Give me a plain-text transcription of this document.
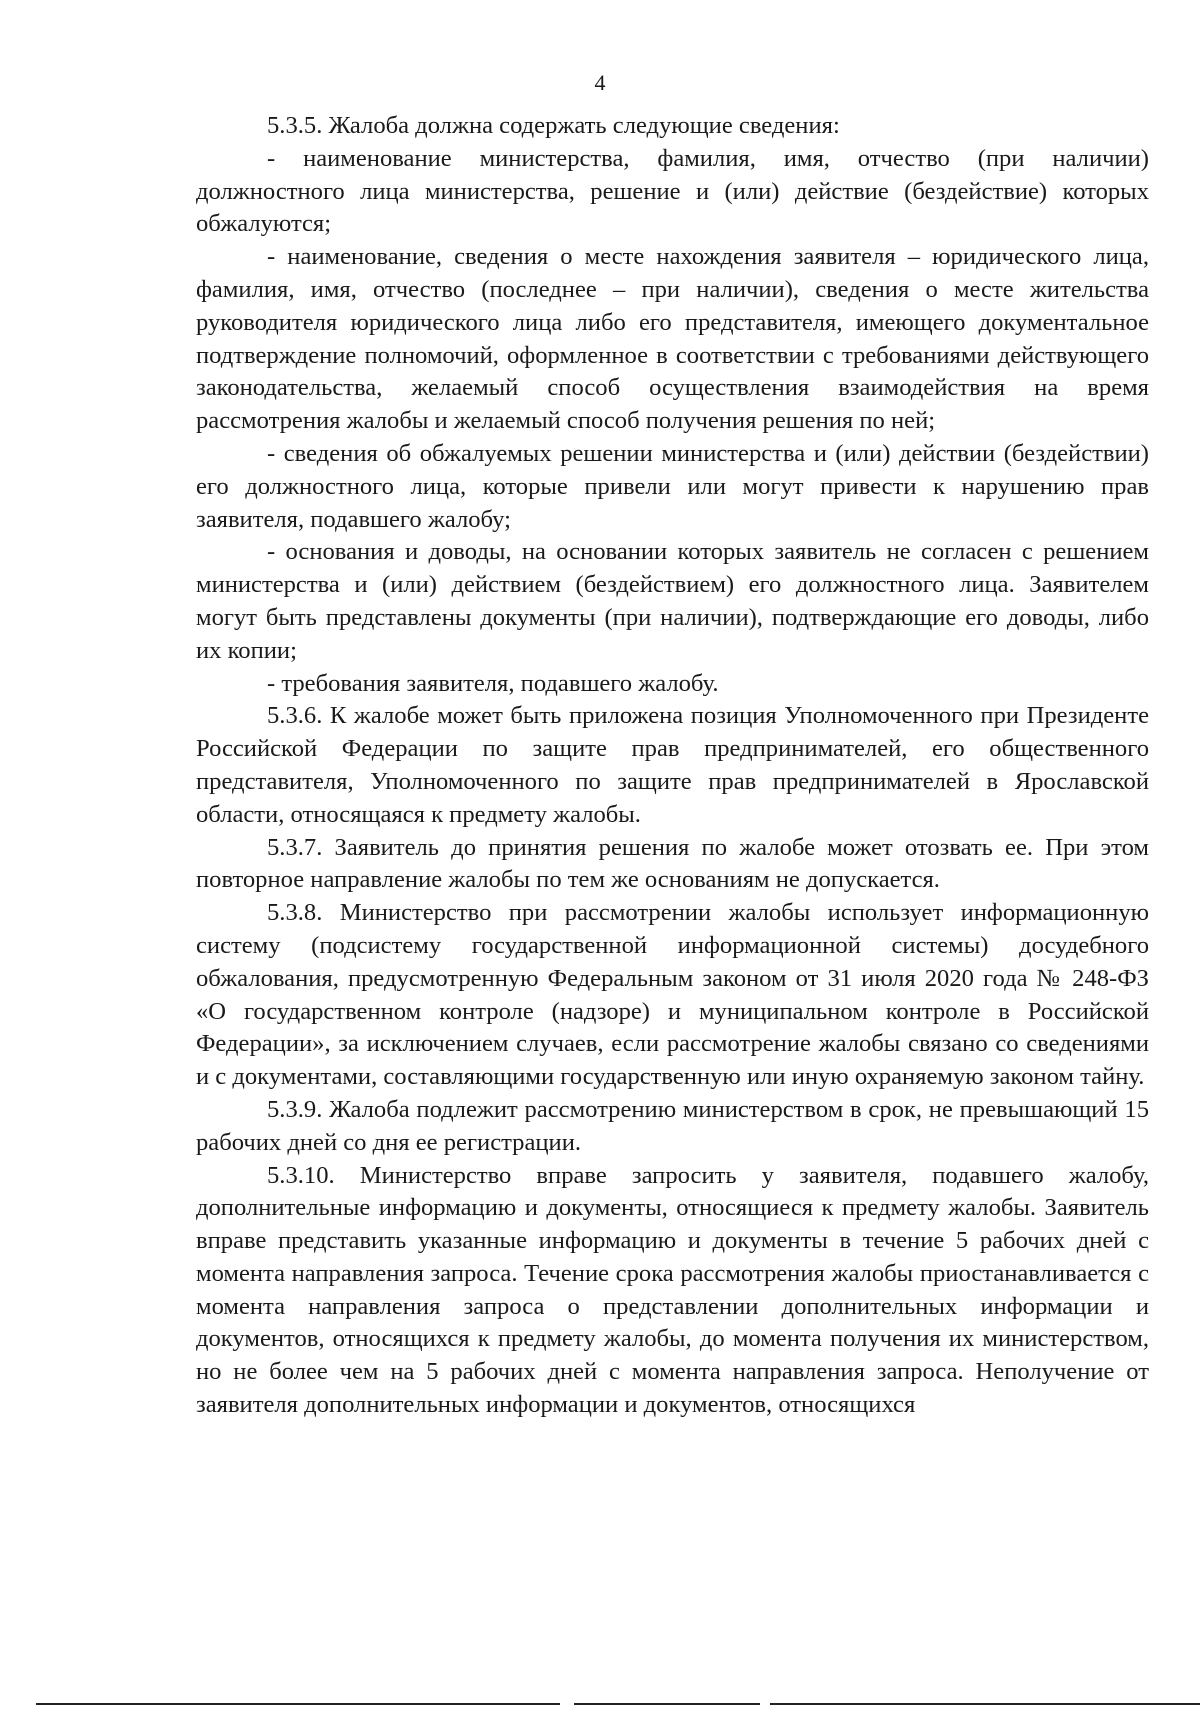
4

5.3.5. Жалоба должна содержать следующие сведения:

- наименование министерства, фамилия, имя, отчество (при наличии) должностного лица министерства, решение и (или) действие (бездействие) которых обжалуются;

- наименование, сведения о месте нахождения заявителя – юридического лица, фамилия, имя, отчество (последнее – при наличии), сведения о месте жительства руководителя юридического лица либо его представителя, имеющего документальное подтверждение полномочий, оформленное в соответствии с требованиями действующего законодательства, желаемый способ осуществления взаимодействия на время рассмотрения жалобы и желаемый способ получения решения по ней;

- сведения об обжалуемых решении министерства и (или) действии (бездействии) его должностного лица, которые привели или могут привести к нарушению прав заявителя, подавшего жалобу;

- основания и доводы, на основании которых заявитель не согласен с решением министерства и (или) действием (бездействием) его должностного лица. Заявителем могут быть представлены документы (при наличии), подтверждающие его доводы, либо их копии;

- требования заявителя, подавшего жалобу.

5.3.6. К жалобе может быть приложена позиция Уполномоченного при Президенте Российской Федерации по защите прав предпринимателей, его общественного представителя, Уполномоченного по защите прав предпринимателей в Ярославской области, относящаяся к предмету жалобы.

5.3.7. Заявитель до принятия решения по жалобе может отозвать ее. При этом повторное направление жалобы по тем же основаниям не допускается.

5.3.8. Министерство при рассмотрении жалобы использует информационную систему (подсистему государственной информационной системы) досудебного обжалования, предусмотренную Федеральным законом от 31 июля 2020 года № 248-ФЗ «О государственном контроле (надзоре) и муниципальном контроле в Российской Федерации», за исключением случаев, если рассмотрение жалобы связано со сведениями и с документами, составляющими государственную или иную охраняемую законом тайну.

5.3.9. Жалоба подлежит рассмотрению министерством в срок, не превышающий 15 рабочих дней со дня ее регистрации.

5.3.10. Министерство вправе запросить у заявителя, подавшего жалобу, дополнительные информацию и документы, относящиеся к предмету жалобы. Заявитель вправе представить указанные информацию и документы в течение 5 рабочих дней с момента направления запроса. Течение срока рассмотрения жалобы приостанавливается с момента направления запроса о представлении дополнительных информации и документов, относящихся к предмету жалобы, до момента получения их министерством, но не более чем на 5 рабочих дней с момента направления запроса. Неполучение от заявителя дополнительных информации и документов, относящихся
